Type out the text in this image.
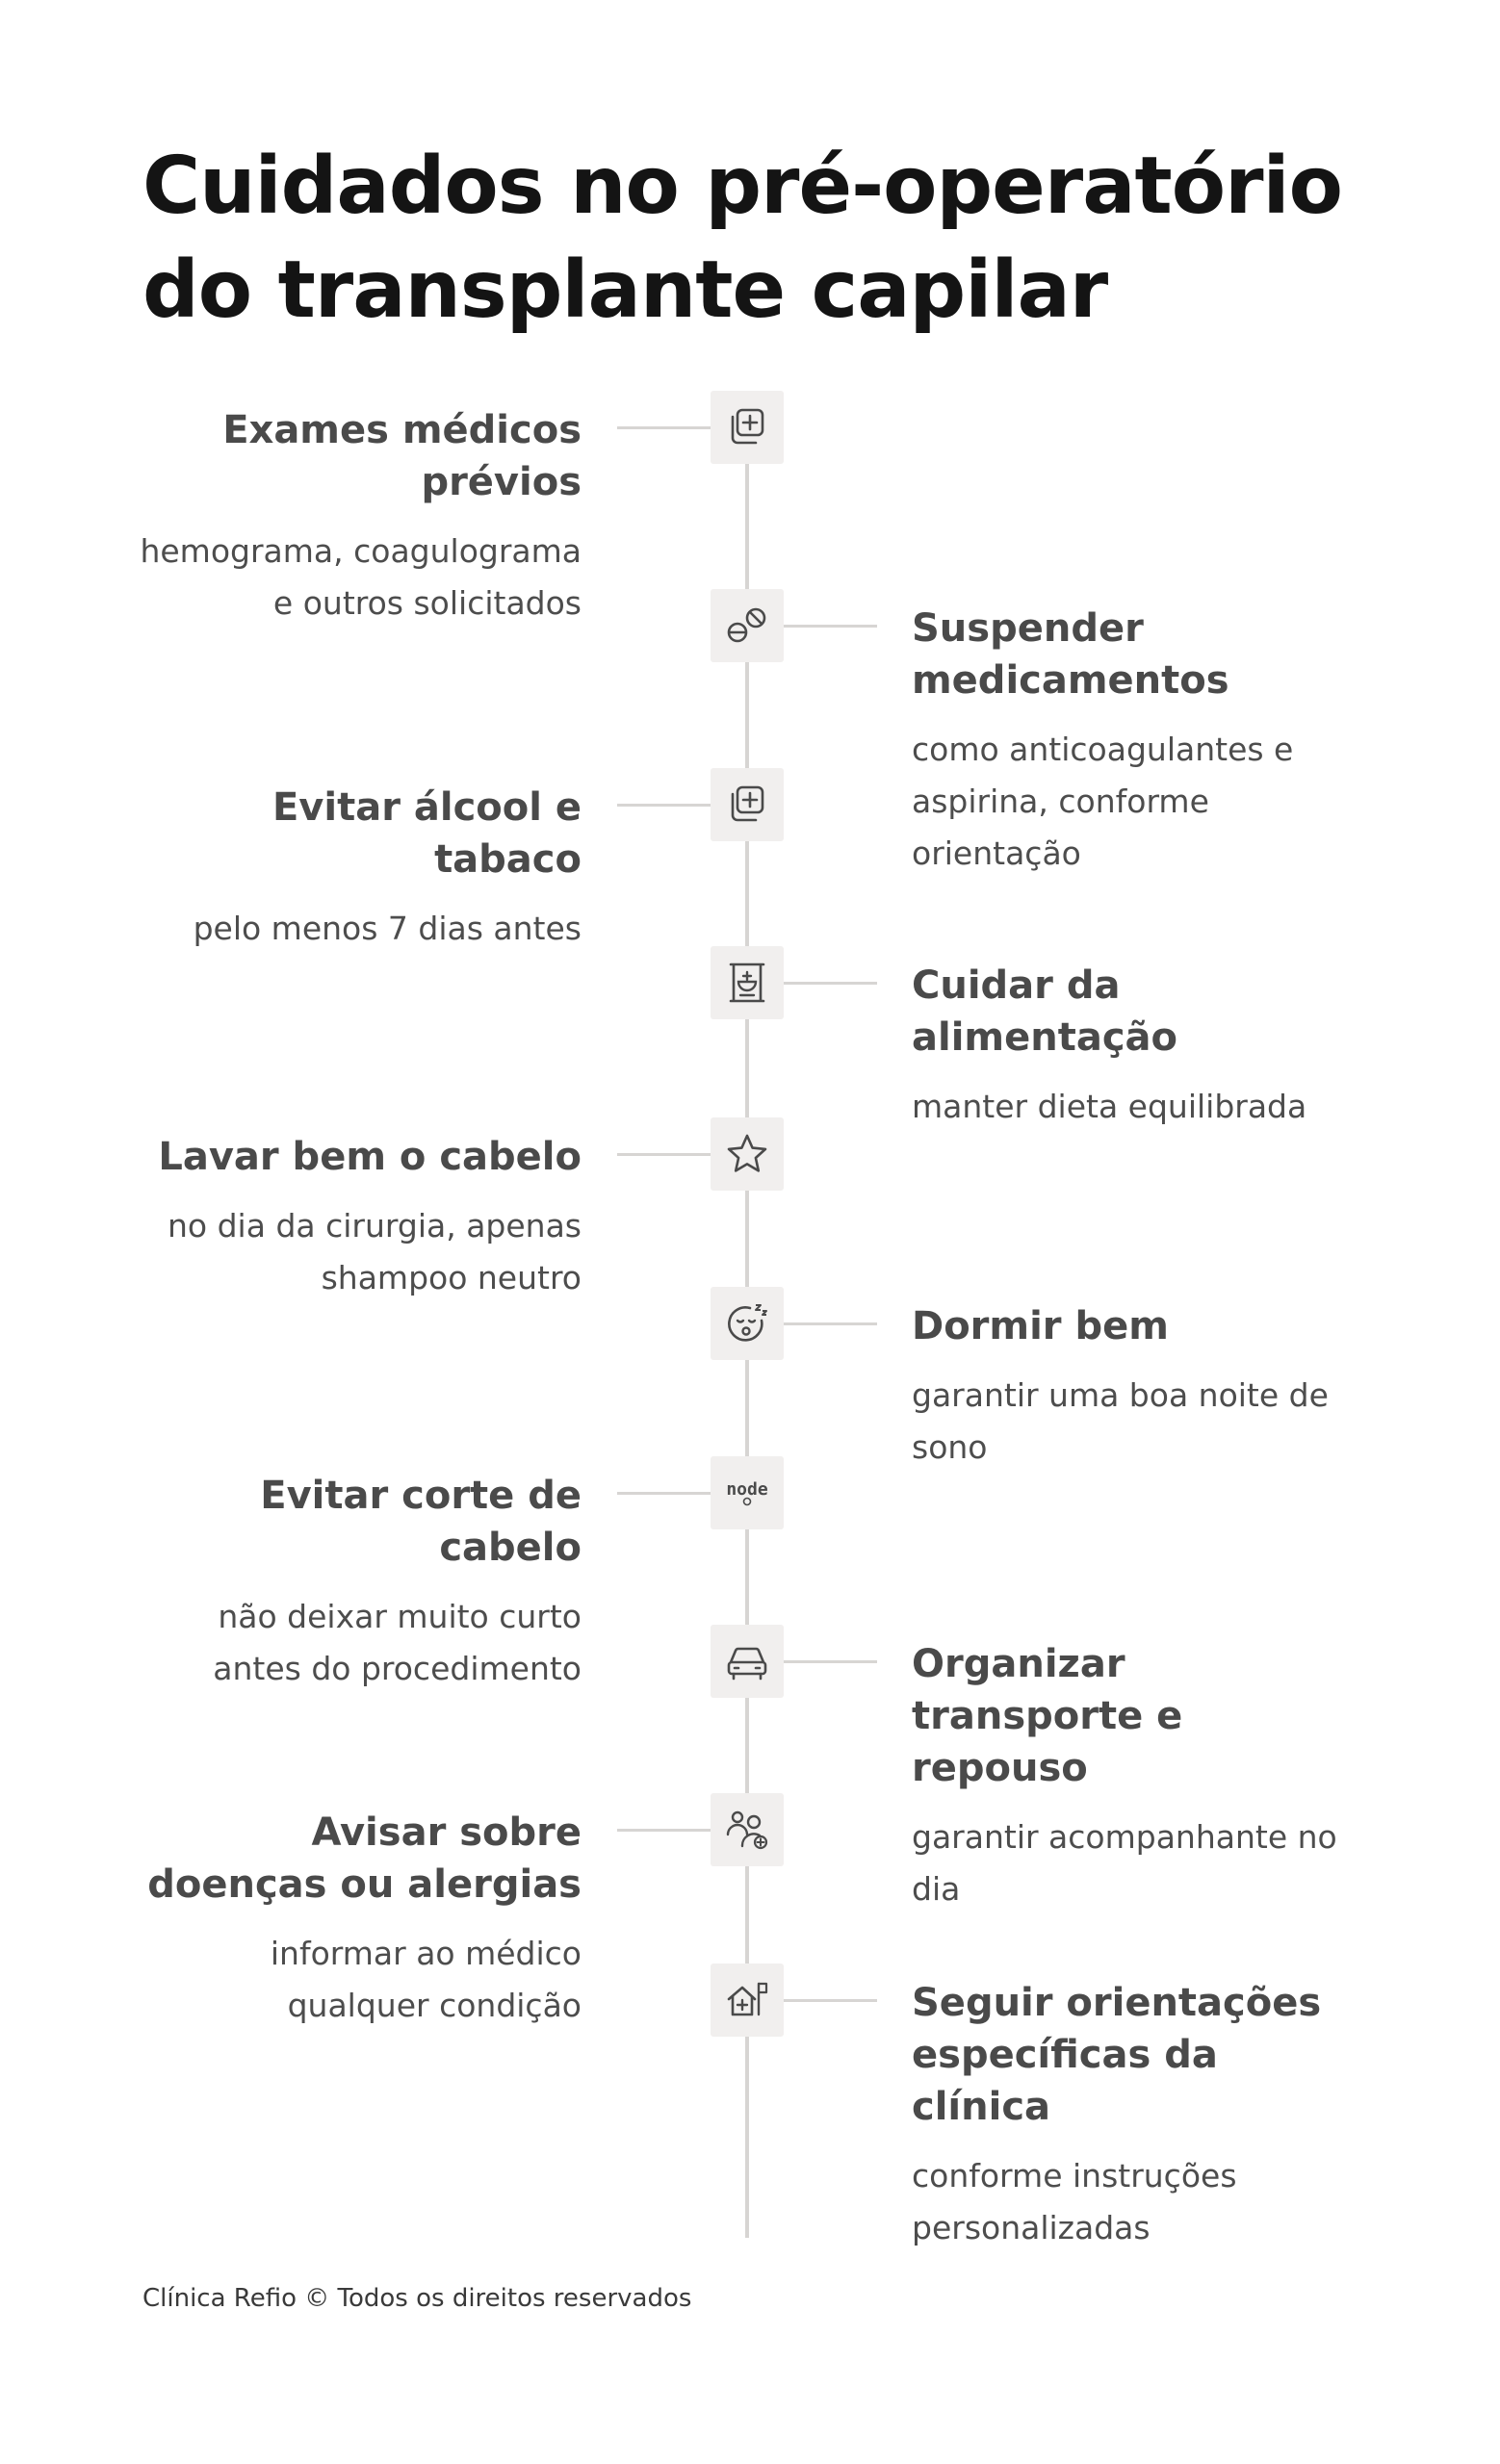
Cuidados no pré-operatório do transplante capilar
Exames médicos prévios
hemograma, coagulograma e outros solicitados
Suspender medicamentos
como anticoagulantes e aspirina, conforme orientação
Evitar álcool e tabaco
pelo menos 7 dias antes
Cuidar da alimentação
manter dieta equilibrada
Lavar bem o cabelo
no dia da cirurgia, apenas shampoo neutro
Dormir bem
garantir uma boa noite de sono
node
Evitar corte de cabelo
não deixar muito curto antes do procedimento	Organizar transporte e repouso
garantir acompanhante no dia
Avisar sobre doenças ou alergias
informar ao médico qualquer condição	Seguir orientações específicas da clínica
conforme instruções personalizadas
Clínica Refio © Todos os direitos reservados
